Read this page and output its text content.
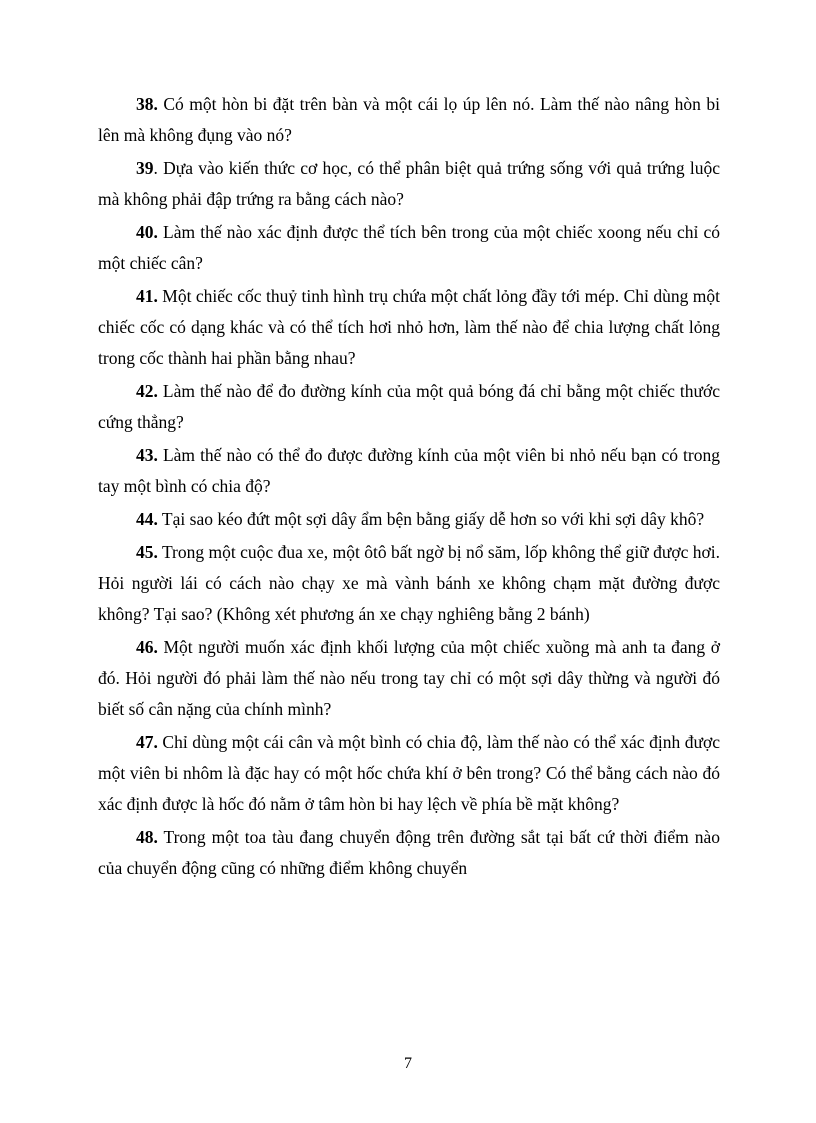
38. Có một hòn bi đặt trên bàn và một cái lọ úp lên nó. Làm thế nào nâng hòn bi lên mà không đụng vào nó?

39. Dựa vào kiến thức cơ học, có thể phân biệt quả trứng sống với quả trứng luộc mà không phải đập trứng ra bằng cách nào?

40. Làm thế nào xác định được thể tích bên trong của một chiếc xoong nếu chỉ có một chiếc cân?

41. Một chiếc cốc thuỷ tinh hình trụ chứa một chất lỏng đầy tới mép. Chỉ dùng một chiếc cốc có dạng khác và có thể tích hơi nhỏ hơn, làm thế nào để chia lượng chất lỏng trong cốc thành hai phần bằng nhau?

42. Làm thế nào để đo đường kính của một quả bóng đá chỉ bằng một chiếc thước cứng thẳng?

43. Làm thế nào có thể đo được đường kính của một viên bi nhỏ nếu bạn có trong tay một bình có chia độ?

44. Tại sao kéo đứt một sợi dây ẩm bện bằng giấy dễ hơn so với khi sợi dây khô?

45. Trong một cuộc đua xe, một ôtô bất ngờ bị nổ săm, lốp không thể giữ được hơi. Hỏi người lái có cách nào chạy xe mà vành bánh xe không chạm mặt đường được không? Tại sao? (Không xét phương án xe chạy nghiêng bằng 2 bánh)

46. Một người muốn xác định khối lượng của một chiếc xuồng mà anh ta đang ở đó. Hỏi người đó phải làm thế nào nếu trong tay chỉ có một sợi dây thừng và người đó biết số cân nặng của chính mình?

47. Chỉ dùng một cái cân và một bình có chia độ, làm thế nào có thể xác định được một viên bi nhôm là đặc hay có một hốc chứa khí ở bên trong? Có thể bằng cách nào đó xác định được là hốc đó nằm ở tâm hòn bi hay lệch về phía bề mặt không?

48. Trong một toa tàu đang chuyển động trên đường sắt tại bất cứ thời điểm nào của chuyển động cũng có những điểm không chuyển

7
